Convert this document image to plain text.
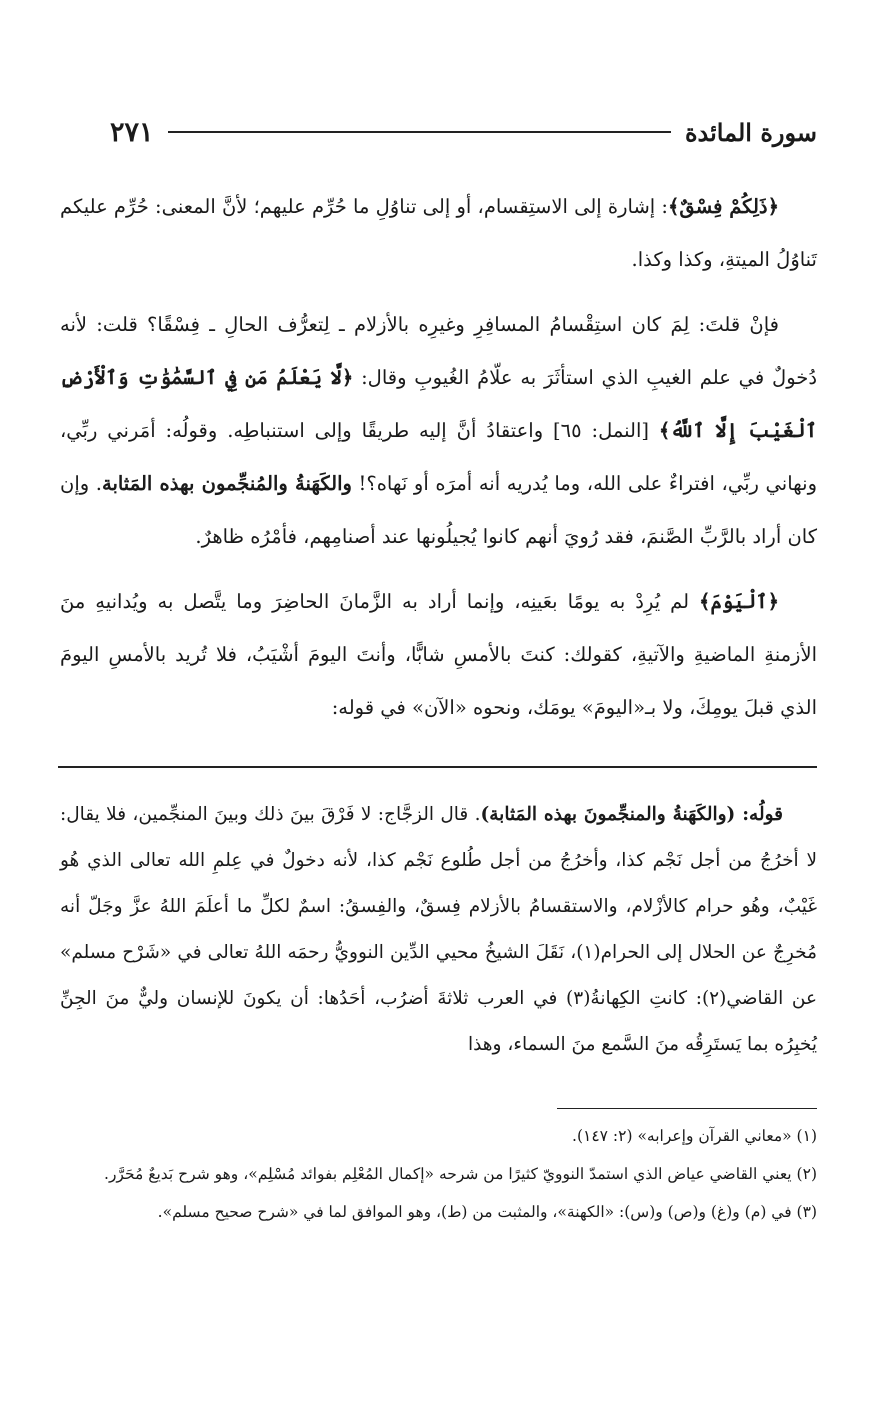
سورة المائدة
٢٧١

﴿ذَلِكُمْ فِسْقٌ﴾: إشارة إلى الاستِقسام، أو إلى تناوُلِ ما حُرِّم عليهم؛ لأنَّ المعنى: حُرِّم عليكم تَناوُلُ الميتةِ، وكذا وكذا.

فإنْ قلتَ: لِمَ كان استِقْسامُ المسافِرِ وغيرِه بالأزلام ـ لِتعرُّف الحالِ ـ فِسْقًا؟ قلت: لأنه دُخولٌ في علم الغيبِ الذي استأثَرَ به علّامُ الغُيوبِ وقال: ﴿لَّا يَعْلَمُ مَن فِي ٱلسَّمَٰوَٰتِ وَٱلْأَرْضِ ٱلْغَيْبَ إِلَّا ٱللَّهُ﴾ [النمل: ٦٥] واعتقادُ أنَّ إليه طريقًا وإلى استنباطِه. وقولُه: أمَرني ربِّي، ونهاني ربِّي، افتراءٌ على الله، وما يُدريه أنه أمرَه أو نَهاه؟! والكَهَنةُ والمُنجِّمون بهذه المَثابة. وإن كان أراد بالرَّبِّ الصَّنمَ، فقد رُويَ أنهم كانوا يُجيلُونها عند أصنامِهم، فأمْرُه ظاهرٌ.

﴿ٱلْيَوْمَ﴾ لم يُرِدْ به يومًا بعَينِه، وإنما أراد به الزَّمانَ الحاضِرَ وما يتَّصل به ويُدانيهِ منَ الأزمنةِ الماضيةِ والآتيةِ، كقولك: كنتَ بالأمسِ شابًّا، وأنتَ اليومَ أشْيَبُ، فلا تُريد بالأمسِ اليومَ الذي قبلَ يومِكَ، ولا بـ«اليومَ» يومَك، ونحوه «الآن» في قوله:

قولُه: (والكَهَنةُ والمنجِّمونَ بهذه المَثابة). قال الزجَّاج: لا فَرْقَ بينَ ذلك وبينَ المنجِّمين، فلا يقال: لا أخرُجُ من أجل نَجْم كذا، وأخرُجُ من أجل طُلوع نَجْم كذا، لأنه دخولٌ في عِلمِ الله تعالى الذي هُو غَيْبٌ، وهُو حرام كالأزْلام، والاستقسامُ بالأزلام فِسقٌ، والفِسقُ: اسمٌ لكلِّ ما أعلَمَ اللهُ عزَّ وجَلّ أنه مُخرِجٌ عن الحلال إلى الحرام(١)، نَقَلَ الشيخُ محيي الدِّين النوويُّ رحمَه اللهُ تعالى في «شَرْح مسلم» عن القاضي(٢): كانتِ الكِهانةُ(٣) في العرب ثلاثةَ أضرُب، أحَدُها: أن يكونَ للإنسان وليٌّ منَ الجِنِّ يُخبِرُه بما يَستَرِقُه منَ السَّمع منَ السماء، وهذا

(١) «معاني القرآن وإعرابه» (٢: ١٤٧).
(٢) يعني القاضي عياض الذي استمدّ النوويّ كثيرًا من شرحه «إكمال المُعْلِم بفوائد مُسْلِم»، وهو شرح بَديعٌ مُحَرَّر.
(٣) في (م) و(غ) و(ص) و(س): «الكهنة»، والمثبت من (ط)، وهو الموافق لما في «شرح صحيح مسلم».
